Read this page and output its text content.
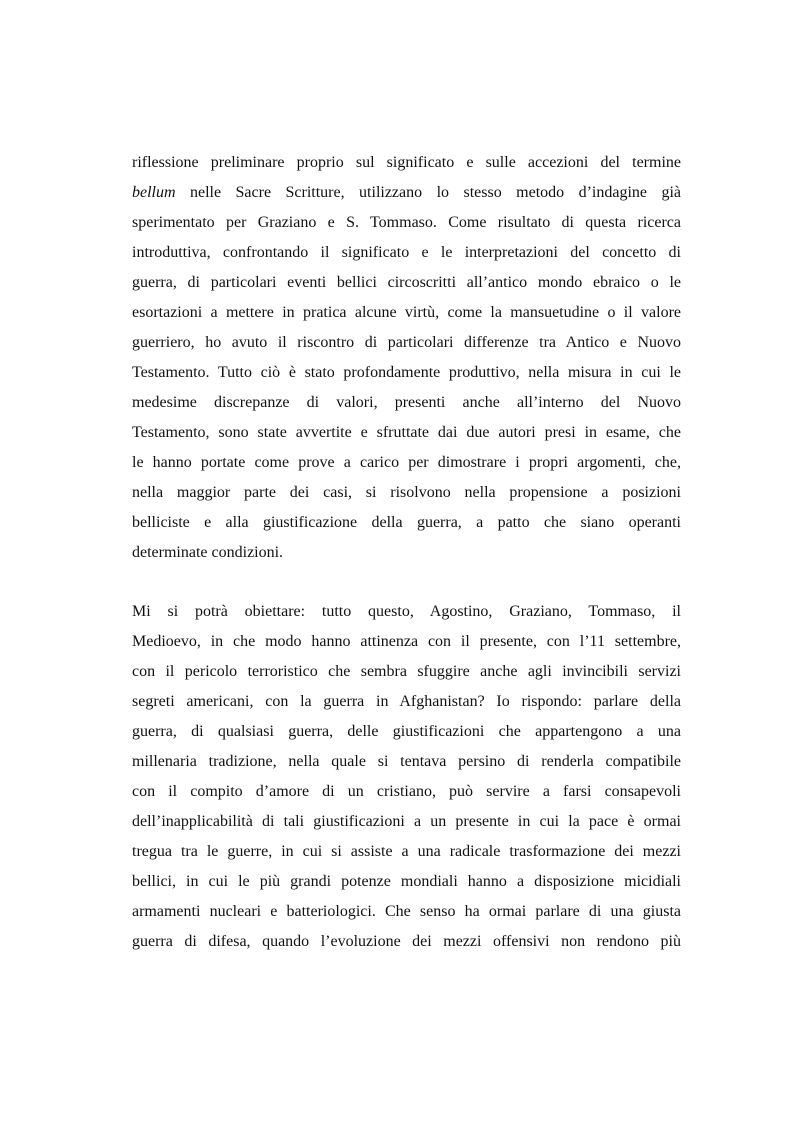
riflessione preliminare proprio sul significato e sulle accezioni del termine
bellum nelle Sacre Scritture, utilizzano lo stesso metodo d’indagine già
sperimentato per Graziano e S. Tommaso. Come risultato di questa ricerca
introduttiva, confrontando il significato e le interpretazioni del concetto di
guerra, di particolari eventi bellici circoscritti all’antico mondo ebraico o le
esortazioni a mettere in pratica alcune virtù, come la mansuetudine o il valore
guerriero, ho avuto il riscontro di particolari differenze tra Antico e Nuovo
Testamento. Tutto ciò è stato profondamente produttivo, nella misura in cui le
medesime discrepanze di valori, presenti anche all’interno del Nuovo
Testamento, sono state avvertite e sfruttate dai due autori presi in esame, che
le hanno portate come prove a carico per dimostrare i propri argomenti, che,
nella maggior parte dei casi, si risolvono nella propensione a posizioni
belliciste e alla giustificazione della guerra, a patto che siano operanti
determinate condizioni.
Mi si potrà obiettare: tutto questo, Agostino, Graziano, Tommaso, il
Medioevo, in che modo hanno attinenza con il presente, con l’11 settembre,
con il pericolo terroristico che sembra sfuggire anche agli invincibili servizi
segreti americani, con la guerra in Afghanistan? Io rispondo: parlare della
guerra, di qualsiasi guerra, delle giustificazioni che appartengono a una
millenaria tradizione, nella quale si tentava persino di renderla compatibile
con il compito d’amore di un cristiano, può servire a farsi consapevoli
dell’inapplicabilità di tali giustificazioni a un presente in cui la pace è ormai
tregua tra le guerre, in cui si assiste a una radicale trasformazione dei mezzi
bellici, in cui le più grandi potenze mondiali hanno a disposizione micidiali
armamenti nucleari e batteriologici. Che senso ha ormai parlare di una giusta
guerra di difesa, quando l’evoluzione dei mezzi offensivi non rendono più
